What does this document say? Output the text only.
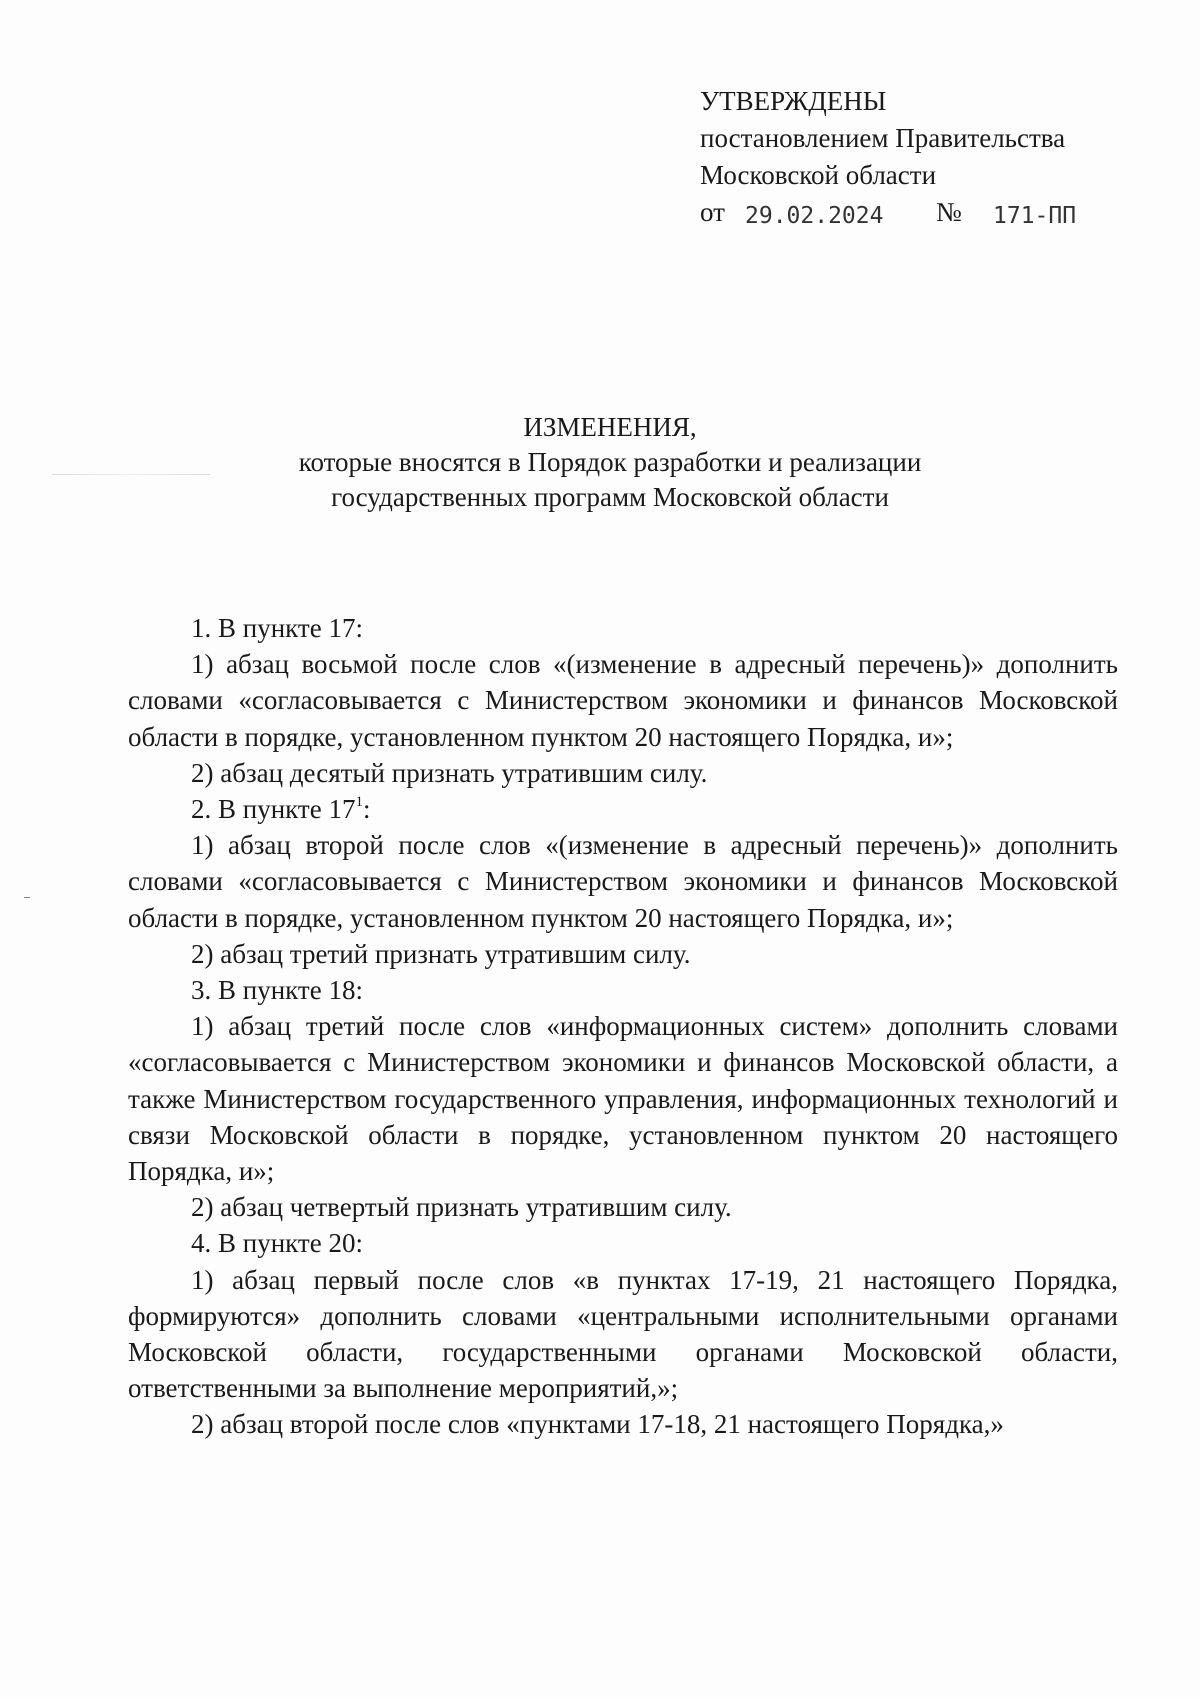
УТВЕРЖДЕНЫ
постановлением Правительства
Московской области
от 29.02.2024 № 171-ПП
ИЗМЕНЕНИЯ,
которые вносятся в Порядок разработки и реализации
государственных программ Московской области

1. В пункте 17:

1) абзац восьмой после слов «(изменение в адресный перечень)» дополнить словами «согласовывается с Министерством экономики и финансов Московской области в порядке, установленном пунктом 20 настоящего Порядка, и»;

2) абзац десятый признать утратившим силу.

2. В пункте $17^1$:

1) абзац второй после слов «(изменение в адресный перечень)» дополнить словами «согласовывается с Министерством экономики и финансов Московской области в порядке, установленном пунктом 20 настоящего Порядка, и»;

2) абзац третий признать утратившим силу.

3. В пункте 18:

1) абзац третий после слов «информационных систем» дополнить словами «согласовывается с Министерством экономики и финансов Московской области, а также Министерством государственного управления, информационных технологий и связи Московской области в порядке, установленном пунктом 20 настоящего Порядка, и»;

2) абзац четвертый признать утратившим силу.

4. В пункте 20:

1) абзац первый после слов «в пунктах 17-19, 21 настоящего Порядка, формируются» дополнить словами «центральными исполнительными органами Московской области, государственными органами Московской области, ответственными за выполнение мероприятий,»;

2) абзац второй после слов «пунктами 17-18, 21 настоящего Порядка,»
